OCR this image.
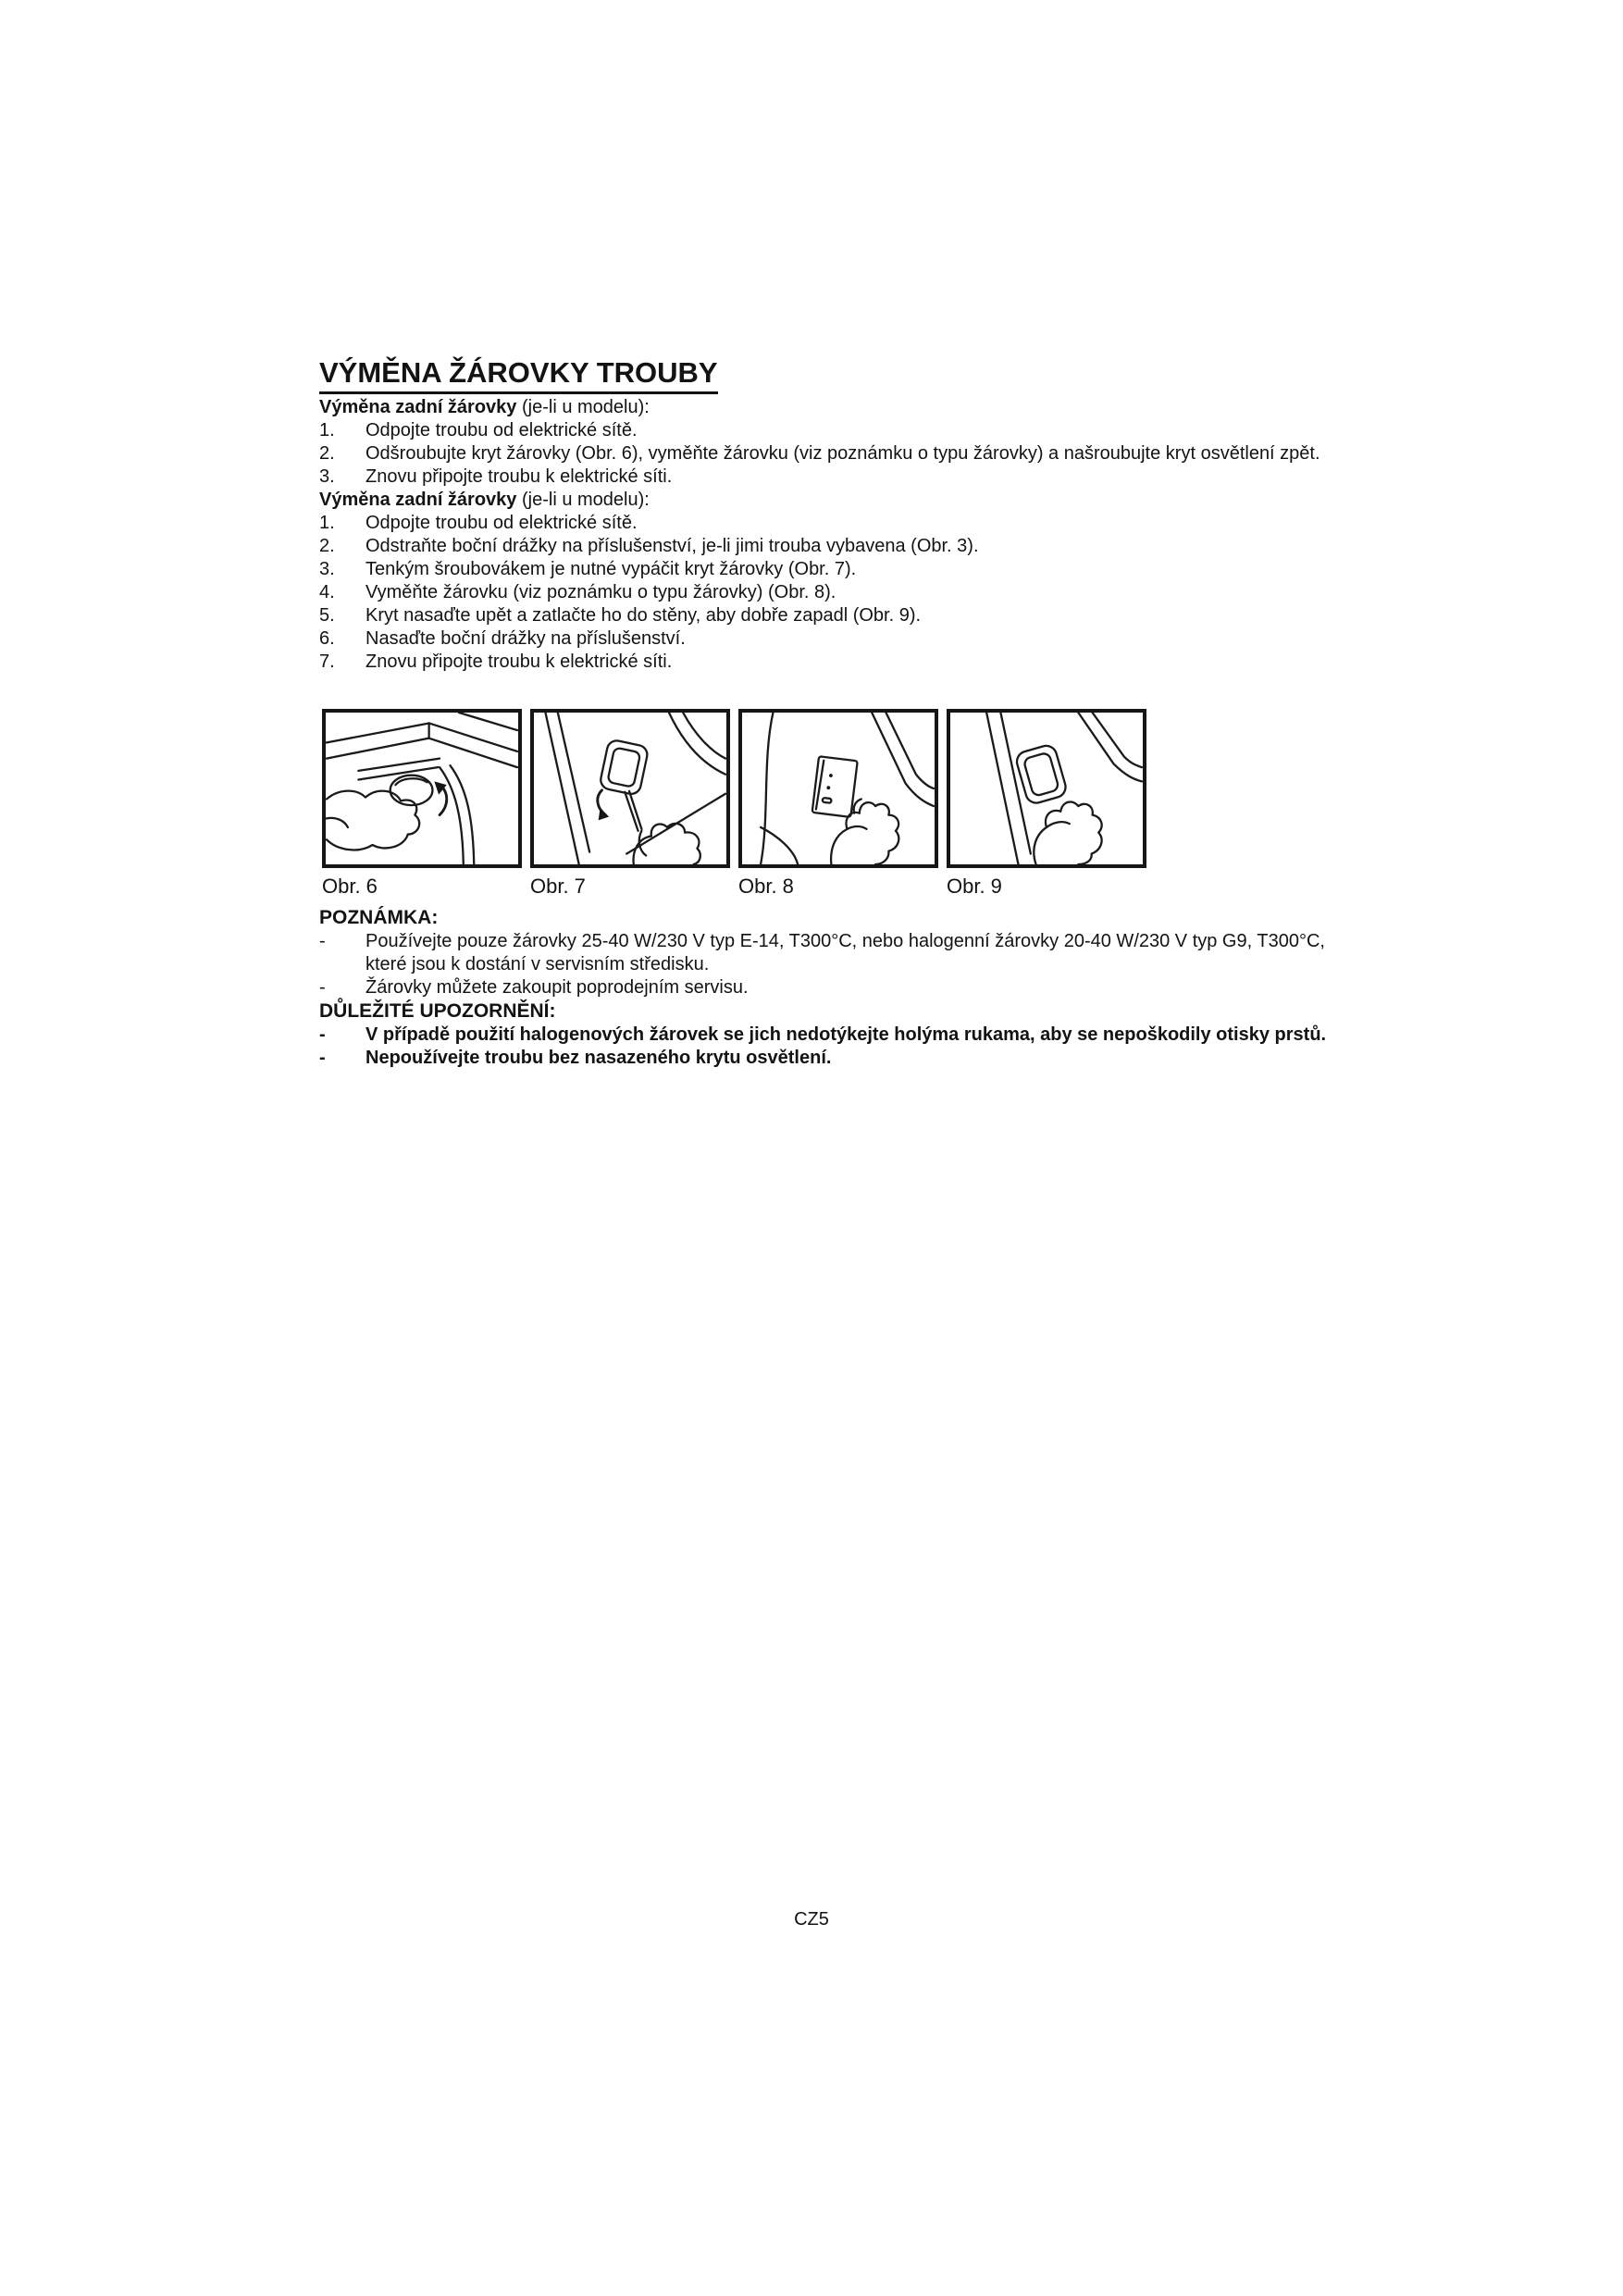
VÝMĚNA ŽÁROVKY TROUBY
Výměna zadní žárovky (je-li u modelu):
1.	Odpojte troubu od elektrické sítě.
2.	Odšroubujte kryt žárovky (Obr. 6), vyměňte žárovku (viz poznámku o typu žárovky) a našroubujte kryt osvětlení zpět.
3.	Znovu připojte troubu k elektrické síti.
Výměna zadní žárovky (je-li u modelu):
1.	Odpojte troubu od elektrické sítě.
2.	Odstraňte boční drážky na příslušenství, je-li jimi trouba vybavena (Obr. 3).
3.	Tenkým šroubovákem je nutné vypáčit kryt žárovky (Obr. 7).
4.	Vyměňte žárovku (viz poznámku o typu žárovky) (Obr. 8).
5.	Kryt nasaďte upět a zatlačte ho do stěny, aby dobře zapadl (Obr. 9).
6.	Nasaďte boční drážky na příslušenství.
7.	Znovu připojte troubu k elektrické síti.
Obr. 6	Obr. 7	Obr. 8	Obr. 9
POZNÁMKA:
-	Používejte pouze žárovky 25-40 W/230 V typ E-14, T300°C, nebo halogenní žárovky 20-40 W/230 V typ G9, T300°C, které jsou k dostání v servisním středisku.
-	Žárovky můžete zakoupit poprodejním servisu.
DŮLEŽITÉ UPOZORNĚNÍ:
-	V případě použití halogenových žárovek se jich nedotýkejte holýma rukama, aby se nepoškodily otisky prstů.
-	Nepoužívejte troubu bez nasazeného krytu osvětlení.
CZ5
